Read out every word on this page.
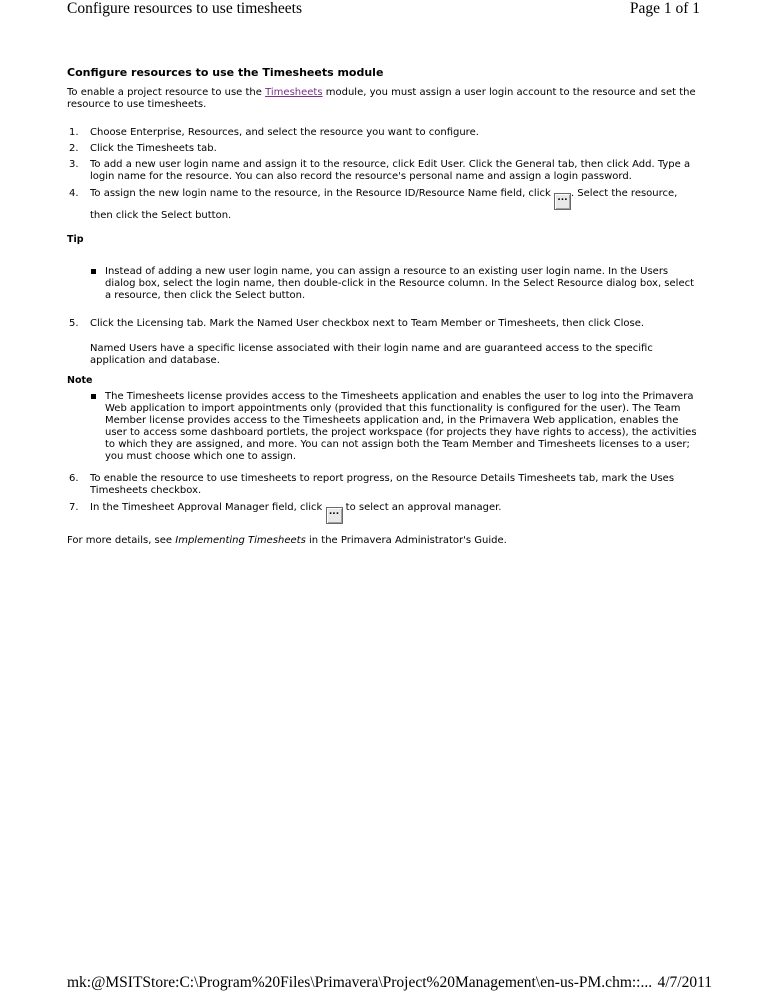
Configure resources to use timesheets	Page 1 of 1
Configure resources to use the Timesheets module

To enable a project resource to use the Timesheets module, you must assign a user login account to the resource and set the resource to use timesheets.

1. Choose Enterprise, Resources, and select the resource you want to configure.
2. Click the Timesheets tab.
3. To add a new user login name and assign it to the resource, click Edit User. Click the General tab, then click Add. Type a login name for the resource. You can also record the resource's personal name and assign a login password.
4. To assign the new login name to the resource, in the Resource ID/Resource Name field, click ... . Select the resource, then click the Select button.
Tip
Instead of adding a new user login name, you can assign a resource to an existing user login name. In the Users dialog box, select the login name, then double-click in the Resource column. In the Select Resource dialog box, select a resource, then click the Select button.
5. Click the Licensing tab. Mark the Named User checkbox next to Team Member or Timesheets, then click Close.
Named Users have a specific license associated with their login name and are guaranteed access to the specific application and database.
Note
The Timesheets license provides access to the Timesheets application and enables the user to log into the Primavera Web application to import appointments only (provided that this functionality is configured for the user). The Team Member license provides access to the Timesheets application and, in the Primavera Web application, enables the user to access some dashboard portlets, the project workspace (for projects they have rights to access), the activities to which they are assigned, and more. You can not assign both the Team Member and Timesheets licenses to a user; you must choose which one to assign.
6. To enable the resource to use timesheets to report progress, on the Resource Details Timesheets tab, mark the Uses Timesheets checkbox.
7. In the Timesheet Approval Manager field, click ... to select an approval manager.

For more details, see Implementing Timesheets in the Primavera Administrator's Guide.

mk:@MSITStore:C:\Program%20Files\Primavera\Project%20Management\en-us-PM.chm::... 4/7/2011
